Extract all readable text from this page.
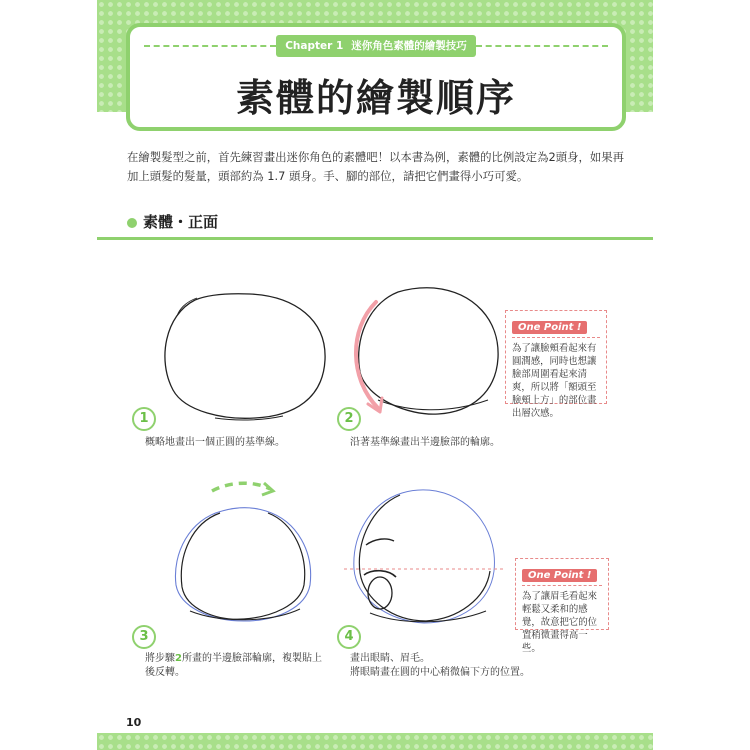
Chapter 1 迷你角色素體的繪製技巧
素體的繪製順序

在繪製髮型之前，首先練習畫出迷你角色的素體吧！以本書為例，素體的比例設定為2頭身，如果再加上頭髮的髮量，頭部約為 1.7 頭身。手、腳的部位，請把它們畫得小巧可愛。

素體・正面
One Point !

為了讓臉頰看起來有圓潤感，同時也想讓臉部周圍看起來清爽，所以將「額頭至臉頰上方」的部位畫出層次感。

1

概略地畫出一個正圓的基準線。

2

沿著基準線畫出半邊臉部的輪廓。

One Point !

為了讓眉毛看起來輕鬆又柔和的感覺，故意把它的位置稍微畫得高一些。

3

將步驟2所畫的半邊臉部輪廓，複製貼上後反轉。

4

畫出眼睛、眉毛。
將眼睛畫在圓的中心稍微偏下方的位置。

10
